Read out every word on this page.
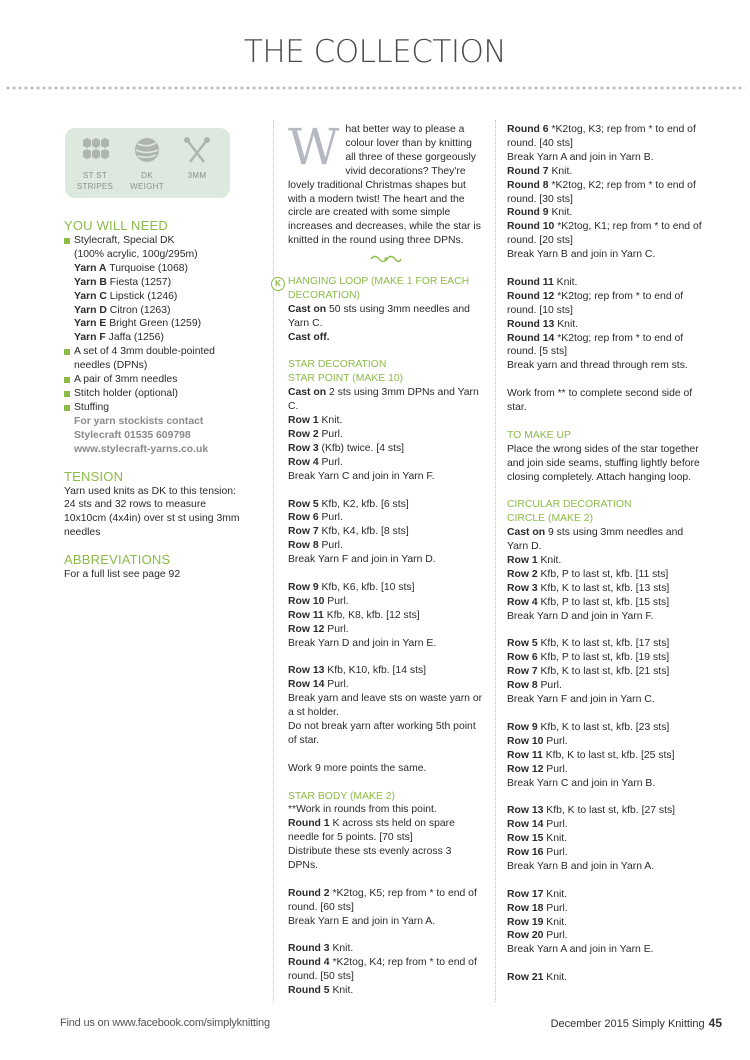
THE COLLECTION
ST ST
STRIPES
DK
WEIGHT
3MM
YOU WILL NEED
Stylecraft, Special DK
(100% acrylic, 100g/295m)
Yarn A Turquoise (1068)
Yarn B Fiesta (1257)
Yarn C Lipstick (1246)
Yarn D Citron (1263)
Yarn E Bright Green (1259)
Yarn F Jaffa (1256)
A set of 4 3mm double-pointed needles (DPNs)
A pair of 3mm needles
Stitch holder (optional)
Stuffing
For yarn stockists contact
Stylecraft 01535 609798
www.stylecraft-yarns.co.uk
TENSION

Yarn used knits as DK to this tension: 24 sts and 32 rows to measure 10x10cm (4x4in) over st st using 3mm needles

ABBREVIATIONS

For a full list see page 92

W hat better way to please a colour lover than by knitting all three of these gorgeously vivid decorations? They're lovely traditional Christmas shapes but with a modern twist! The heart and the circle are created with some simple increases and decreases, while the star is knitted in the round using three DPNs.
K HANGING LOOP (MAKE 1 FOR EACH DECORATION)

Cast on 50 sts using 3mm needles and Yarn C.

Cast off.

STAR DECORATION
STAR POINT (MAKE 10)

Cast on 2 sts using 3mm DPNs and Yarn C.

Row 1 Knit.

Row 2 Purl.

Row 3 (Kfb) twice. [4 sts]

Row 4 Purl.

Break Yarn C and join in Yarn F.

Row 5 Kfb, K2, kfb. [6 sts]

Row 6 Purl.

Row 7 Kfb, K4, kfb. [8 sts]

Row 8 Purl.

Break Yarn F and join in Yarn D.

Row 9 Kfb, K6, kfb. [10 sts]

Row 10 Purl.

Row 11 Kfb, K8, kfb. [12 sts]

Row 12 Purl.

Break Yarn D and join in Yarn E.

Row 13 Kfb, K10, kfb. [14 sts]

Row 14 Purl.

Break yarn and leave sts on waste yarn or a st holder.

Do not break yarn after working 5th point of star.

Work 9 more points the same.

STAR BODY (MAKE 2)

**Work in rounds from this point.

Round 1 K across sts held on spare needle for 5 points. [70 sts]

Distribute these sts evenly across 3 DPNs.

Round 2 *K2tog, K5; rep from * to end of round. [60 sts]

Break Yarn E and join in Yarn A.

Round 3 Knit.

Round 4 *K2tog, K4; rep from * to end of round. [50 sts]

Round 5 Knit.

Round 6 *K2tog, K3; rep from * to end of round. [40 sts]

Break Yarn A and join in Yarn B.

Round 7 Knit.

Round 8 *K2tog, K2; rep from * to end of round. [30 sts]

Round 9 Knit.

Round 10 *K2tog, K1; rep from * to end of round. [20 sts]

Break Yarn B and join in Yarn C.

Round 11 Knit.

Round 12 *K2tog; rep from * to end of round. [10 sts]

Round 13 Knit.

Round 14 *K2tog; rep from * to end of round. [5 sts]

Break yarn and thread through rem sts.

Work from ** to complete second side of star.

TO MAKE UP

Place the wrong sides of the star together and join side seams, stuffing lightly before closing completely. Attach hanging loop.

CIRCULAR DECORATION
CIRCLE (MAKE 2)

Cast on 9 sts using 3mm needles and Yarn D.

Row 1 Knit.

Row 2 Kfb, P to last st, kfb. [11 sts]

Row 3 Kfb, K to last st, kfb. [13 sts]

Row 4 Kfb, P to last st, kfb. [15 sts]

Break Yarn D and join in Yarn F.

Row 5 Kfb, K to last st, kfb. [17 sts]

Row 6 Kfb, P to last st, kfb. [19 sts]

Row 7 Kfb, K to last st, kfb. [21 sts]

Row 8 Purl.

Break Yarn F and join in Yarn C.

Row 9 Kfb, K to last st, kfb. [23 sts]

Row 10 Purl.

Row 11 Kfb, K to last st, kfb. [25 sts]

Row 12 Purl.

Break Yarn C and join in Yarn B.

Row 13 Kfb, K to last st, kfb. [27 sts]

Row 14 Purl.

Row 15 Knit.

Row 16 Purl.

Break Yarn B and join in Yarn A.

Row 17 Knit.

Row 18 Purl.

Row 19 Knit.

Row 20 Purl.

Break Yarn A and join in Yarn E.

Row 21 Knit.

Find us on www.facebook.com/simplyknitting	December 2015 Simply Knitting 45
